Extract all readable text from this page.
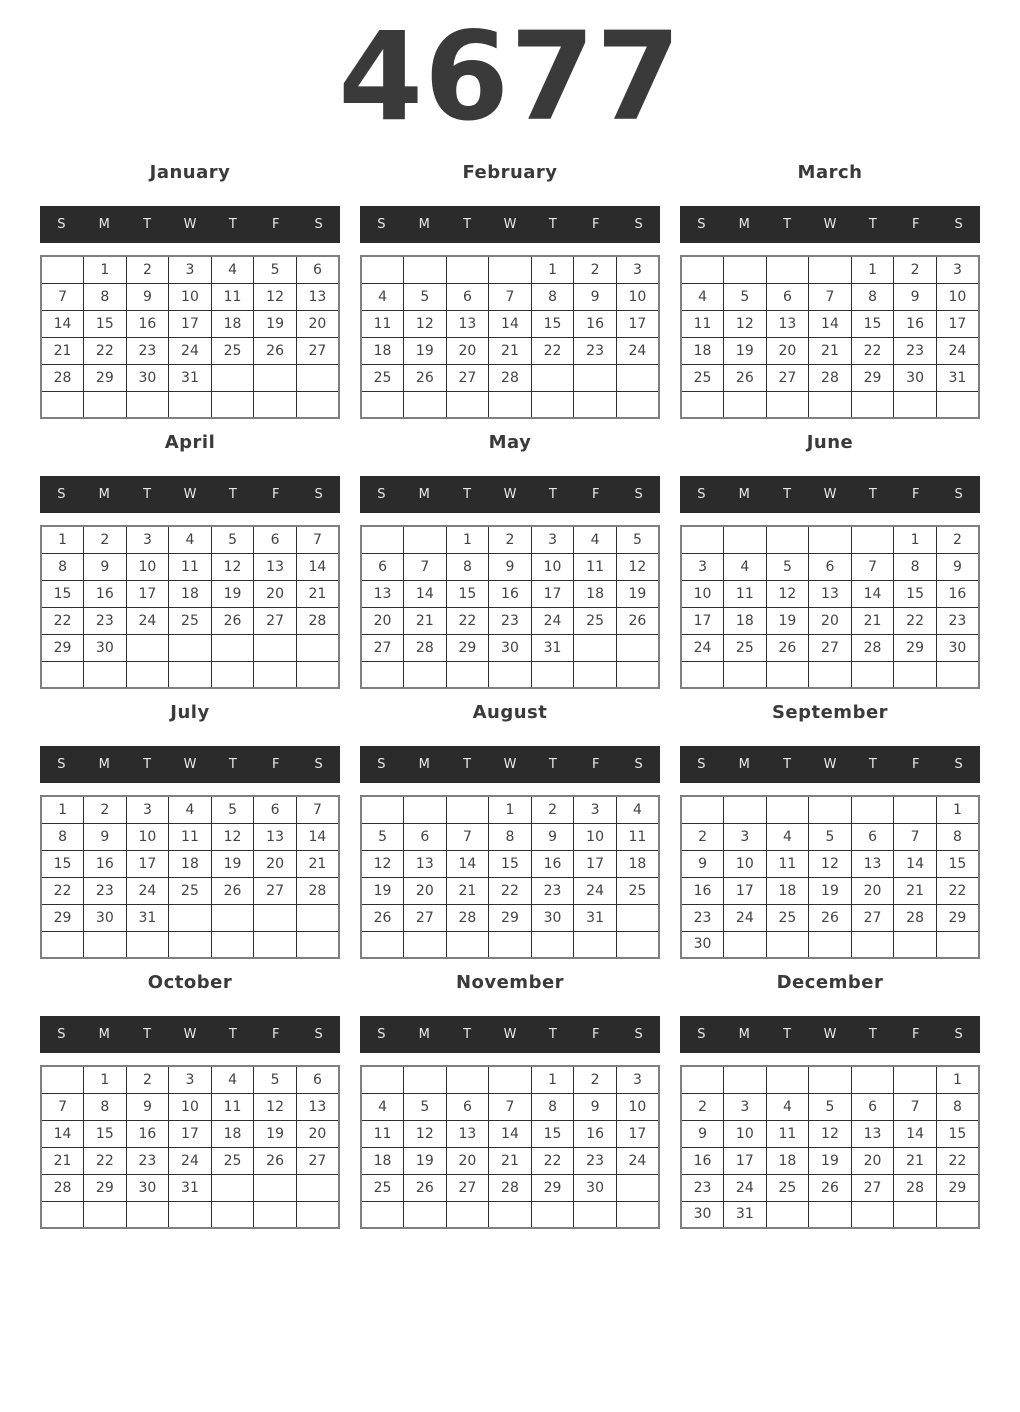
4677
January
S	M	T	W	T	F	S
	1	2	3	4	5	6
7	8	9	10	11	12	13
14	15	16	17	18	19	20
21	22	23	24	25	26	27
28	29	30	31			

February
S	M	T	W	T	F	S
				1	2	3
4	5	6	7	8	9	10
11	12	13	14	15	16	17
18	19	20	21	22	23	24
25	26	27	28			

March
S	M	T	W	T	F	S
				1	2	3
4	5	6	7	8	9	10
11	12	13	14	15	16	17
18	19	20	21	22	23	24
25	26	27	28	29	30	31

April
S	M	T	W	T	F	S
1	2	3	4	5	6	7
8	9	10	11	12	13	14
15	16	17	18	19	20	21
22	23	24	25	26	27	28
29	30					

May
S	M	T	W	T	F	S
		1	2	3	4	5
6	7	8	9	10	11	12
13	14	15	16	17	18	19
20	21	22	23	24	25	26
27	28	29	30	31		

June
S	M	T	W	T	F	S
					1	2
3	4	5	6	7	8	9
10	11	12	13	14	15	16
17	18	19	20	21	22	23
24	25	26	27	28	29	30

July
S	M	T	W	T	F	S
1	2	3	4	5	6	7
8	9	10	11	12	13	14
15	16	17	18	19	20	21
22	23	24	25	26	27	28
29	30	31				

August
S	M	T	W	T	F	S
			1	2	3	4
5	6	7	8	9	10	11
12	13	14	15	16	17	18
19	20	21	22	23	24	25
26	27	28	29	30	31	

September
S	M	T	W	T	F	S
						1
2	3	4	5	6	7	8
9	10	11	12	13	14	15
16	17	18	19	20	21	22
23	24	25	26	27	28	29
30						
October
S	M	T	W	T	F	S
	1	2	3	4	5	6
7	8	9	10	11	12	13
14	15	16	17	18	19	20
21	22	23	24	25	26	27
28	29	30	31			

November
S	M	T	W	T	F	S
				1	2	3
4	5	6	7	8	9	10
11	12	13	14	15	16	17
18	19	20	21	22	23	24
25	26	27	28	29	30	

December
S	M	T	W	T	F	S
						1
2	3	4	5	6	7	8
9	10	11	12	13	14	15
16	17	18	19	20	21	22
23	24	25	26	27	28	29
30	31					
